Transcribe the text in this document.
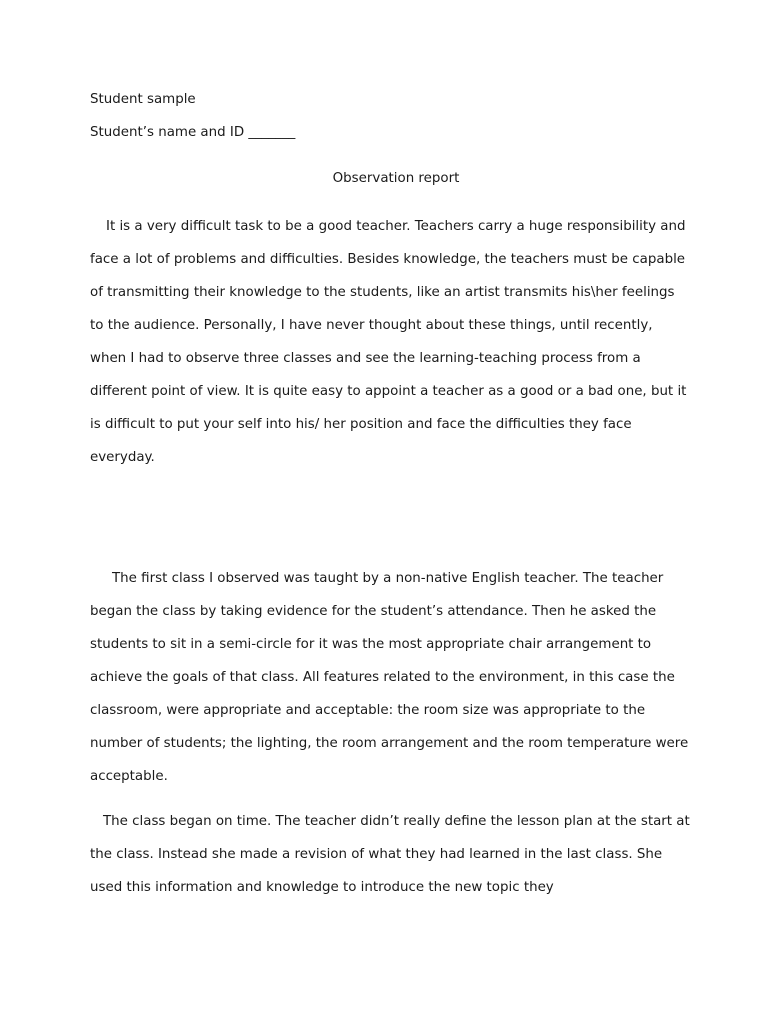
Student sample

Student’s name and ID _______

Observation report

It is a very difficult task to be a good teacher. Teachers carry a huge responsibility and face a lot of problems and difficulties. Besides knowledge, the teachers must be capable of transmitting their knowledge to the students, like an artist transmits his\her feelings to the audience. Personally, I have never thought about these things, until recently, when I had to observe three classes and see the learning-teaching process from a different point of view. It is quite easy to appoint a teacher as a good or a bad one, but it is difficult to put your self into his/ her position and face the difficulties they face everyday.

The first class I observed was taught by a non-native English teacher. The teacher began the class by taking evidence for the student’s attendance. Then he asked the students to sit in a semi-circle for it was the most appropriate chair arrangement to achieve the goals of that class. All features related to the environment, in this case the classroom, were appropriate and acceptable: the room size was appropriate to the number of students; the lighting, the room arrangement and the room temperature were acceptable.

The class began on time. The teacher didn’t really define the lesson plan at the start at the class. Instead she made a revision of what they had learned in the last class. She used this information and knowledge to introduce the new topic they
